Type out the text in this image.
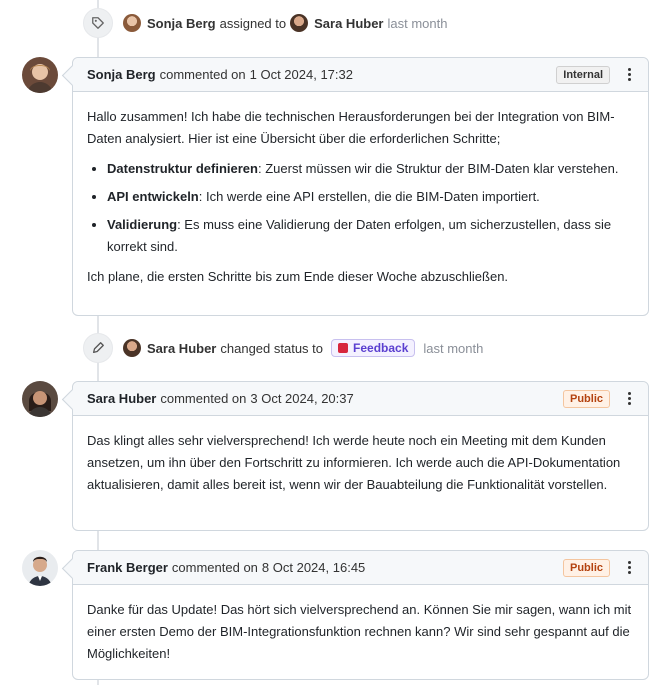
Sonja Berg assigned to Sara Huber last month
Sonja Berg commented on 1 Oct 2024, 17:32	Internal

Hallo zusammen! Ich habe die technischen Herausforderungen bei der Integration von BIM-Daten analysiert. Hier ist eine Übersicht über die erforderlichen Schritte;

• Datenstruktur definieren: Zuerst müssen wir die Struktur der BIM-Daten klar verstehen.
• API entwickeln: Ich werde eine API erstellen, die die BIM-Daten importiert.
• Validierung: Es muss eine Validierung der Daten erfolgen, um sicherzustellen, dass sie korrekt sind.

Ich plane, die ersten Schritte bis zum Ende dieser Woche abzuschließen.

Sara Huber changed status to	Feedback last month
Sara Huber commented on 3 Oct 2024, 20:37	Public

Das klingt alles sehr vielversprechend! Ich werde heute noch ein Meeting mit dem Kunden ansetzen, um ihn über den Fortschritt zu informieren. Ich werde auch die API-Dokumentation aktualisieren, damit alles bereit ist, wenn wir der Bauabteilung die Funktionalität vorstellen.

Frank Berger commented on 8 Oct 2024, 16:45	Public

Danke für das Update! Das hört sich vielversprechend an. Können Sie mir sagen, wann ich mit einer ersten Demo der BIM-Integrationsfunktion rechnen kann? Wir sind sehr gespannt auf die Möglichkeiten!
